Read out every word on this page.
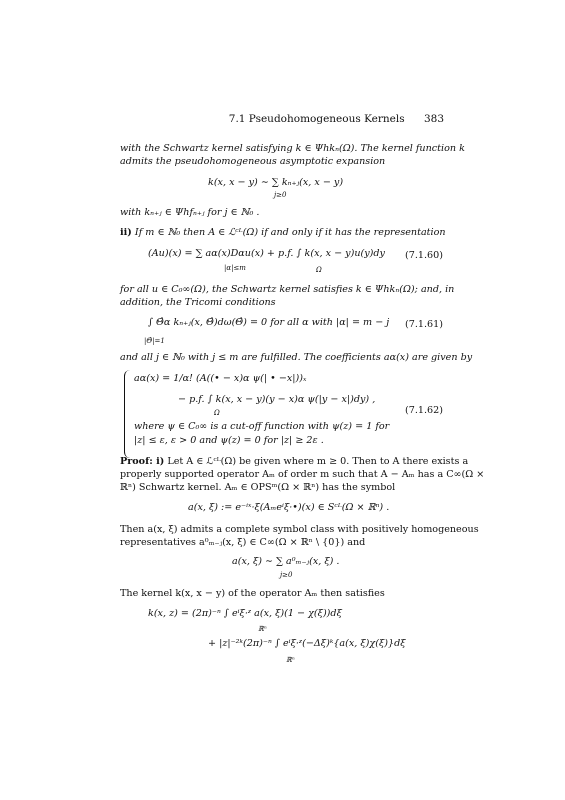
7.1 Pseudohomogeneous Kernels 383
with the Schwartz kernel satisfying k ∈ Ψhkₙ(Ω). The kernel function k
admits the pseudohomogeneous asymptotic expansion
k(x, x − y) ∼ ∑ kₙ₊ⱼ(x, x − y)
j≥0
with kₙ₊ⱼ ∈ Ψhfₙ₊ⱼ for j ∈ ℕ₀ .
ii) If m ∈ ℕ₀ then A ∈ ℒᶜᴸ(Ω) if and only if it has the representation
(Au)(x) = ∑ aα(x)Dαu(x) + p.f. ∫ k(x, x − y)u(y)dy
|α|≤m	Ω
(7.1.60)
for all u ∈ C₀∞(Ω), the Schwartz kernel satisfies k ∈ Ψhkₙ(Ω); and, in
addition, the Tricomi conditions
∫ Θ̂α kₙ₊ⱼ(x, Θ̂)dω(Θ̂) = 0 for all α with |α| = m − j
|Θ̂|=1
(7.1.61)
and all j ∈ ℕ₀ with j ≤ m are fulfilled. The coefficients aα(x) are given by
aα(x) = 1/α! (A((• − x)α ψ(| • −x|))ₓ
− p.f. ∫ k(x, x − y)(y − x)α ψ(|y − x|)dy) ,
Ω
where ψ ∈ C₀∞ is a cut-off function with ψ(z) = 1 for
|z| ≤ ε, ε > 0 and ψ(z) = 0 for |z| ≥ 2ε .
(7.1.62)
Proof: i) Let A ∈ ℒᶜᴸ(Ω) be given where m ≥ 0. Then to A there exists a
properly supported operator Aₘ of order m such that A − Aₘ has a C∞(Ω ×
ℝⁿ) Schwartz kernel. Aₘ ∈ OPSᵐ(Ω × ℝⁿ) has the symbol
a(x, ξ) := e⁻ⁱˣ·ξ(Aₘeⁱξ·•)(x) ∈ Sᶜᴸ(Ω × ℝⁿ) .
Then a(x, ξ) admits a complete symbol class with positively homogeneous
representatives a⁰ₘ₋ⱼ(x, ξ) ∈ C∞(Ω × ℝⁿ \ {0}) and
a(x, ξ) ∼ ∑ a⁰ₘ₋ⱼ(x, ξ) .
j≥0
The kernel k(x, x − y) of the operator Aₘ then satisfies
k(x, z) = (2π)⁻ⁿ ∫ eⁱξ·ᶻ a(x, ξ)(1 − χ(ξ))dξ
ℝⁿ
+ |z|⁻²ᵏ(2π)⁻ⁿ ∫ eⁱξ·ᶻ(−Δξ)ᵏ{a(x, ξ)χ(ξ)}dξ
ℝⁿ
